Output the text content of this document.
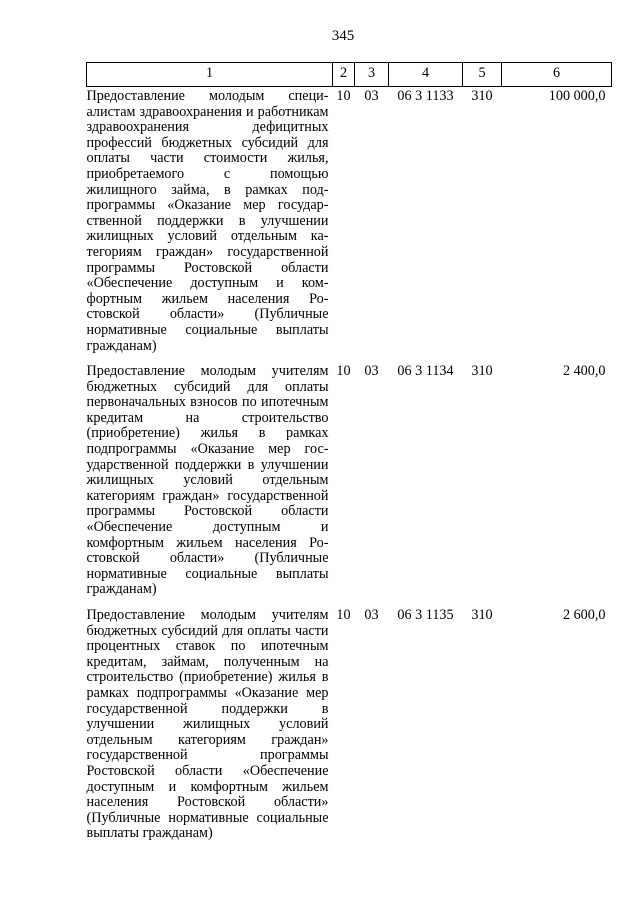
345
1	2	3	4	5	6
Предоставление молодым специалистам здравоохранения и работникам здравоохранения дефицитных профессий бюджетных субсидий для оплаты части стоимости жилья, приобретаемого с помощью жилищного займа, в рамках подпрограммы «Оказание мер государственной поддержки в улучшении жилищных условий отдельным категориям граждан» государственной программы Ростовской области «Обеспечение доступным и комфортным жильем населения Ростовской области» (Публичные нормативные социальные выплаты гражданам)	10	03	06 3 1133	310	100 000,0
Предоставление молодым учителям бюджетных субсидий для оплаты первоначальных взносов по ипотечным кредитам на строительство (приобретение) жилья в рамках подпрограммы «Оказание мер государственной поддержки в улучшении жилищных условий отдельным категориям граждан» государственной программы Ростовской области «Обеспечение доступным и комфортным жильем населения Ростовской области» (Публичные нормативные социальные выплаты гражданам)	10	03	06 3 1134	310	2 400,0
Предоставление молодым учителям бюджетных субсидий для оплаты части процентных ставок по ипотечным кредитам, займам, полученным на строительство (приобретение) жилья в рамках подпрограммы «Оказание мер государственной поддержки в улучшении жилищных условий отдельным категориям граждан» государственной программы Ростовской области «Обеспечение доступным и комфортным жильем населения Ростовской области» (Публичные нормативные социальные выплаты гражданам)	10	03	06 3 1135	310	2 600,0
